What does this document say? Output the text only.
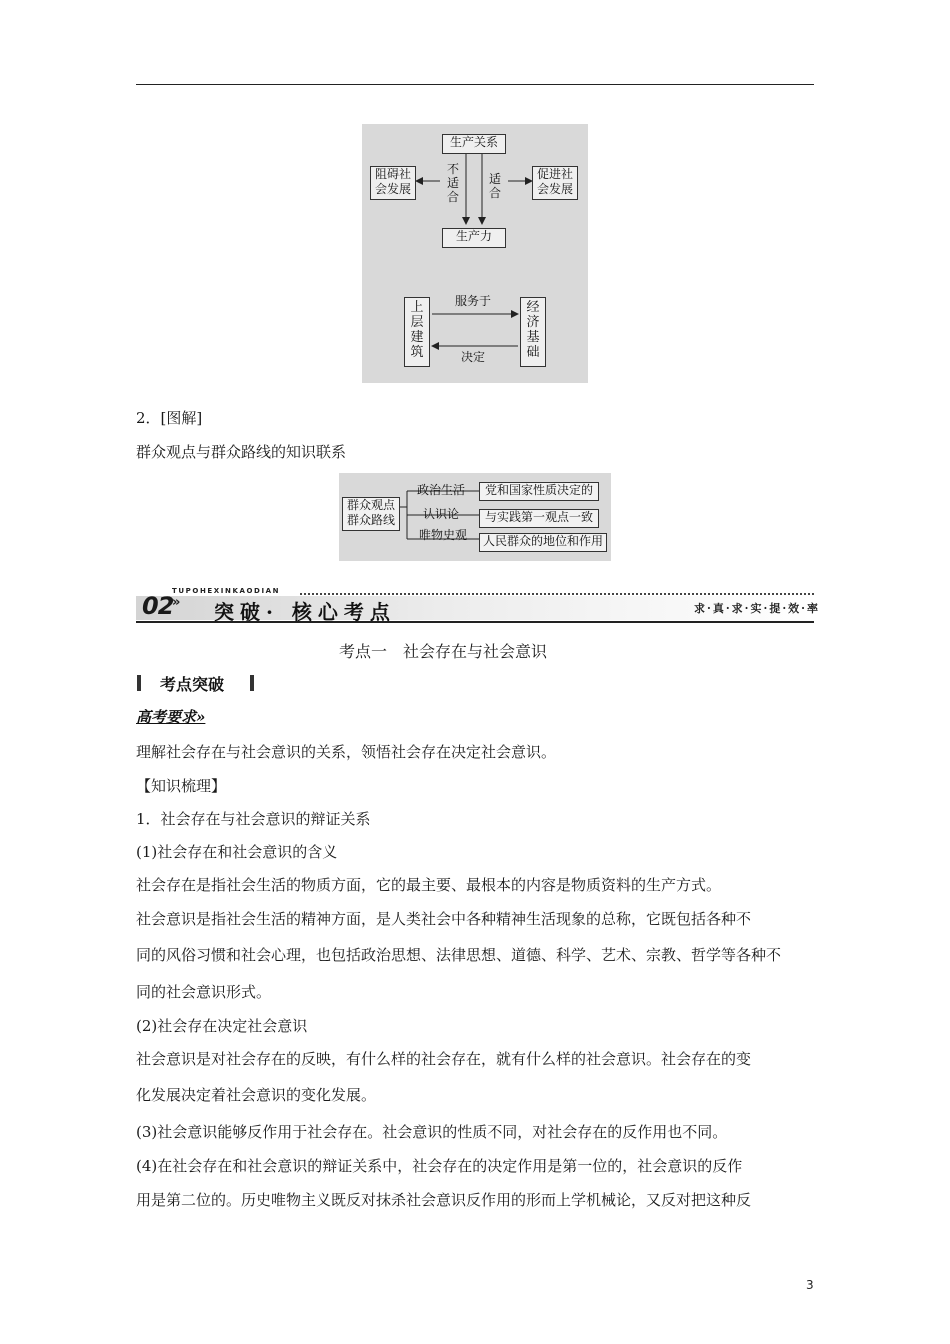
生产关系
生产力
阻碍社
会发展
促进社
会发展
不
适
合
适
合
上
层
建
筑
经
济
基
础
服务于
决定
2．[图解]
群众观点与群众路线的知识联系
群众观点
群众路线
政治生活
认识论
唯物史观
党和国家性质决定的
与实践第一观点一致
人民群众的地位和作用
TUPOHEXINKAODIAN
02
» 突破· 核心考点	求·真·求·实·提·效·率
考点一　社会存在与社会意识
考点突破
高考要求»
理解社会存在与社会意识的关系，领悟社会存在决定社会意识。
【知识梳理】
1．社会存在与社会意识的辩证关系
(1)社会存在和社会意识的含义
社会存在是指社会生活的物质方面，它的最主要、最根本的内容是物质资料的生产方式。
社会意识是指社会生活的精神方面，是人类社会中各种精神生活现象的总称，它既包括各种不
同的风俗习惯和社会心理，也包括政治思想、法律思想、道德、科学、艺术、宗教、哲学等各种不
同的社会意识形式。
(2)社会存在决定社会意识
社会意识是对社会存在的反映，有什么样的社会存在，就有什么样的社会意识。社会存在的变
化发展决定着社会意识的变化发展。
(3)社会意识能够反作用于社会存在。社会意识的性质不同，对社会存在的反作用也不同。
(4)在社会存在和社会意识的辩证关系中，社会存在的决定作用是第一位的，社会意识的反作
用是第二位的。历史唯物主义既反对抹杀社会意识反作用的形而上学机械论，又反对把这种反
3
